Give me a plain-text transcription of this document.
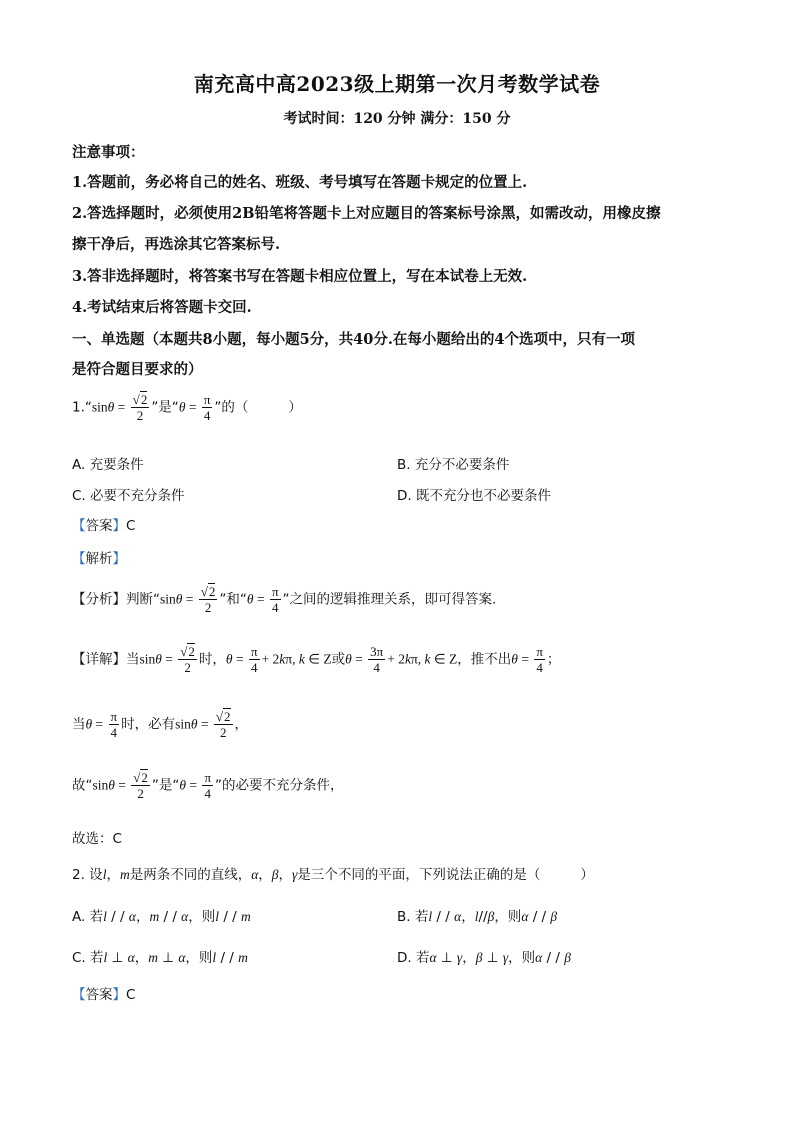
南充高中高2023级上期第一次月考数学试卷
考试时间：120 分钟 满分：150 分
注意事项：
1.答题前，务必将自己的姓名、班级、考号填写在答题卡规定的位置上.
2.答选择题时，必须使用2B铅笔将答题卡上对应题目的答案标号涂黑，如需改动，用橡皮擦
擦干净后，再选涂其它答案标号.
3.答非选择题时，将答案书写在答题卡相应位置上，写在本试卷上无效.
4.考试结束后将答题卡交回.
一、单选题（本题共8小题，每小题5分，共40分.在每小题给出的4个选项中，只有一项
是符合题目要求的）
1.“sinθ = $\frac{√2}{2}$ ”是“$\theta = \frac{\pi}{4}$ ”的（	）
A. 充要条件	B. 充分不必要条件
C. 必要不充分条件	D. 既不充分也不必要条件
【答案】C
【解析】
【分析】判断“$\sin\theta = \frac{√2}{2}$ ”和“$\theta = \frac{\pi}{4}$ ”之间的逻辑推理关系，即可得答案.
【详解】当$\sin\theta = \frac{√2}{2}$ 时，$\theta = \frac{\pi}{4} + 2k\pi$, k ∈ Z或$\theta = \frac{3\pi}{4} + 2k\pi$, k ∈ Z，推不出$\theta = \frac{\pi}{4}$ ；
当$\theta = \frac{\pi}{4}$ 时，必有$\sin\theta = \frac{√2}{2}$ ，
故“$\sin\theta = \frac{√2}{2}$ ”是“$\theta = \frac{\pi}{4}$ ”的必要不充分条件，
故选：C
2. 设l，m是两条不同的直线，α，β，γ是三个不同的平面，下列说法正确的是（	）
A. 若l / / α，m / / α，则l / / m	B. 若l / / α，l//β，则α / / β
C. 若l ⊥ α，m ⊥ α，则l / / m	D. 若α ⊥ γ，β ⊥ γ，则α / / β
【答案】C
